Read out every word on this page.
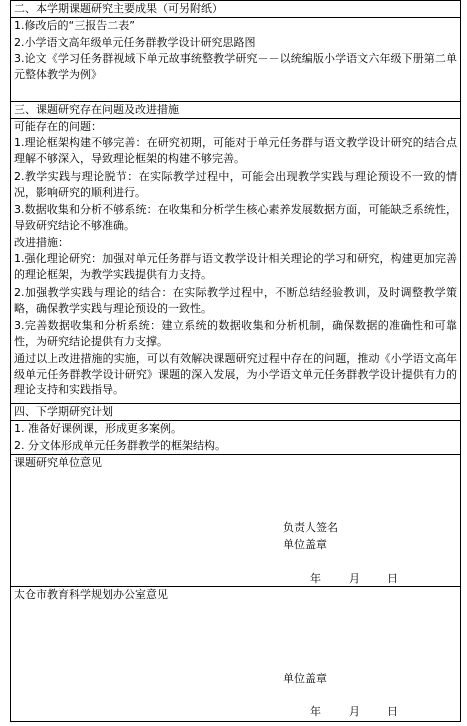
二、本学期课题研究主要成果（可另附纸）
1.修改后的“三报告二表”
2.小学语文高年级单元任务群教学设计研究思路图
3.论文《学习任务群视域下单元故事统整教学研究－－以统编版小学语文六年级下册第二单元整体教学为例》
三、课题研究存在问题及改进措施
可能存在的问题：
1.理论框架构建不够完善：在研究初期，可能对于单元任务群与语文教学设计研究的结合点理解不够深入，导致理论框架的构建不够完善。
2.教学实践与理论脱节：在实际教学过程中，可能会出现教学实践与理论预设不一致的情况，影响研究的顺利进行。
3.数据收集和分析不够系统：在收集和分析学生核心素养发展数据方面，可能缺乏系统性，导致研究结论不够准确。
改进措施：
1.强化理论研究：加强对单元任务群与语文教学设计相关理论的学习和研究，构建更加完善的理论框架，为教学实践提供有力支持。
2.加强教学实践与理论的结合：在实际教学过程中，不断总结经验教训，及时调整教学策略，确保教学实践与理论预设的一致性。
3.完善数据收集和分析系统：建立系统的数据收集和分析机制，确保数据的准确性和可靠性，为研究结论提供有力支撑。
通过以上改进措施的实施，可以有效解决课题研究过程中存在的问题，推动《小学语文高年级单元任务群教学设计研究》课题的深入发展，为小学语文单元任务群教学设计提供有力的理论支持和实践指导。
四、下学期研究计划
1. 准备好课例课，形成更多案例。
2. 分文体形成单元任务群教学的框架结构。
课题研究单位意见
负责人签名
单位盖章
年	月 日
太仓市教育科学规划办公室意见
单位盖章
年	月 日
